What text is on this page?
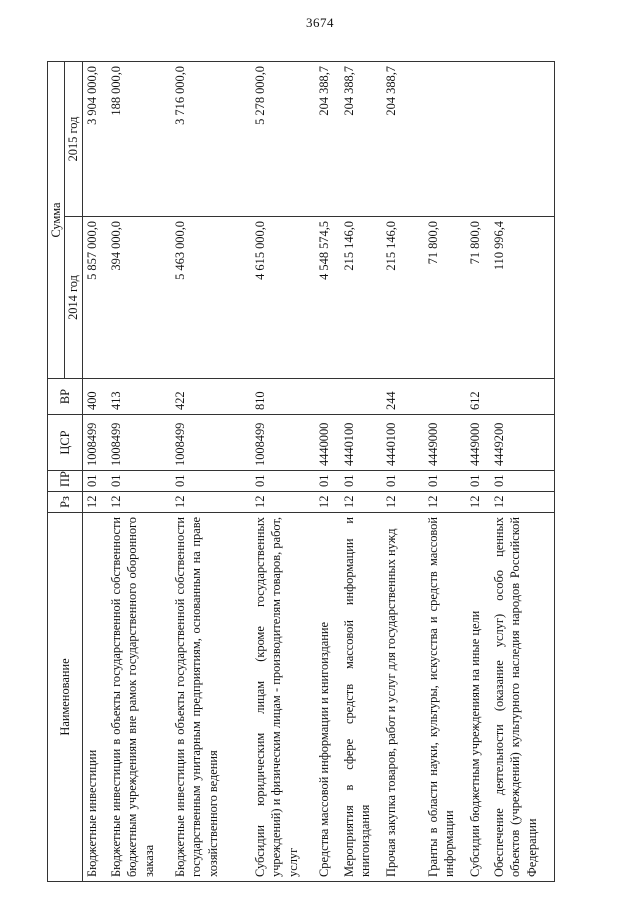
3674
Наименование	Рз	ПР	ЦСР	ВР	Сумма	
					2014 год	2015 год
Бюджетные инвестиции	12	01	1008499	400	5 857 000,0	3 904 000,0
Бюджетные инвестиции в объекты государственной собственности бюджетным учреждениям вне рамок государственного оборонного заказа	12	01	1008499	413	394 000,0	188 000,0
Бюджетные инвестиции в объекты государственной собственности государственным унитарным предприятиям, основанным на праве хозяйственного ведения	12	01	1008499	422	5 463 000,0	3 716 000,0
Субсидии юридическим лицам (кроме государственных учреждений) и физическим лицам - производителям товаров, работ, услуг	12	01	1008499	810	4 615 000,0	5 278 000,0
Средства массовой информации и книгоиздание	12	01	4440000		4 548 574,5	204 388,7
Мероприятия в сфере средств массовой информации и книгоиздания	12	01	4440100		215 146,0	204 388,7
Прочая закупка товаров, работ и услуг для государственных нужд	12	01	4440100	244	215 146,0	204 388,7
Гранты в области науки, культуры, искусства и средств массовой информации	12	01	4449000		71 800,0	
Субсидии бюджетным учреждениям на иные цели	12	01	4449000	612	71 800,0	
Обеспечение деятельности (оказание услуг) особо ценных объектов (учреждений) культурного наследия народов Российской Федерации	12	01	4449200		110 996,4	
